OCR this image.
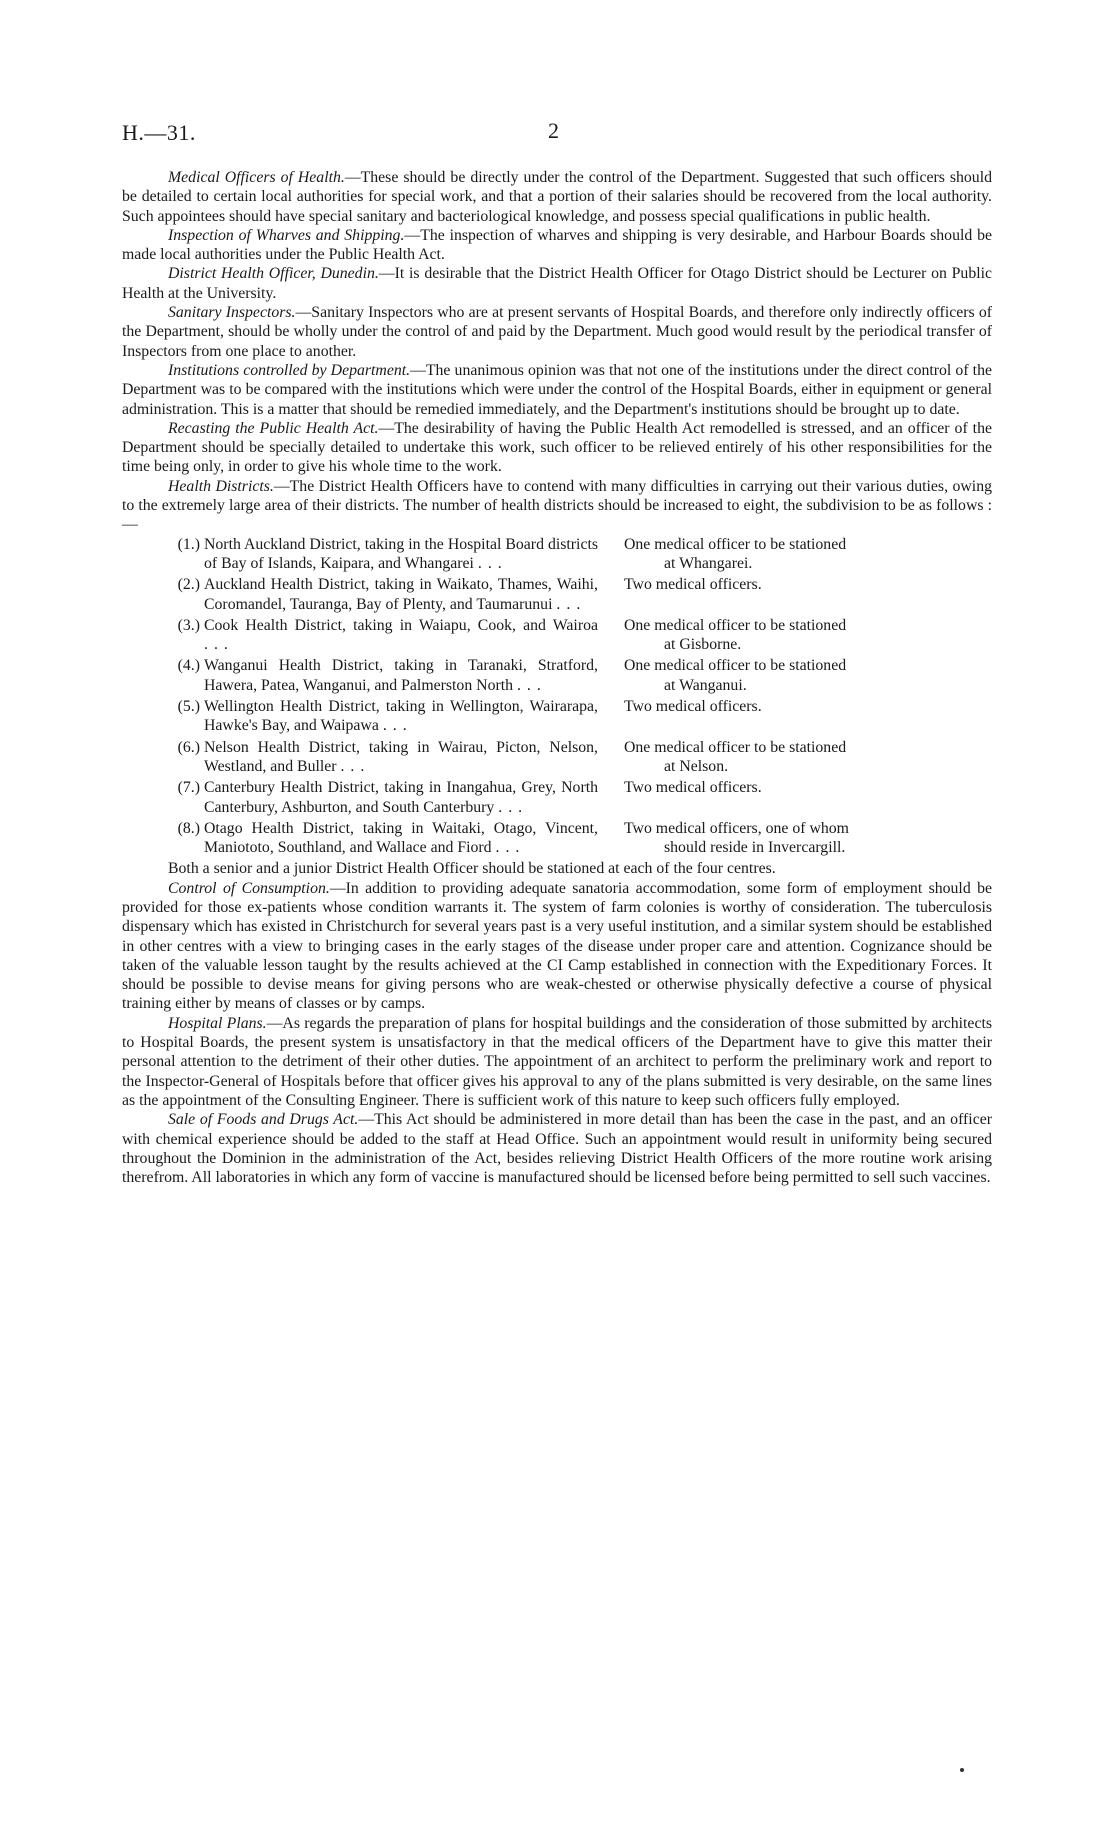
H.—31.	2

Medical Officers of Health.—These should be directly under the control of the Department. Suggested that such officers should be detailed to certain local authorities for special work, and that a portion of their salaries should be recovered from the local authority. Such appointees should have special sanitary and bacteriological knowledge, and possess special qualifications in public health.

Inspection of Wharves and Shipping.—The inspection of wharves and shipping is very desirable, and Harbour Boards should be made local authorities under the Public Health Act.

District Health Officer, Dunedin.—It is desirable that the District Health Officer for Otago District should be Lecturer on Public Health at the University.

Sanitary Inspectors.—Sanitary Inspectors who are at present servants of Hospital Boards, and therefore only indirectly officers of the Department, should be wholly under the control of and paid by the Department. Much good would result by the periodical transfer of Inspectors from one place to another.

Institutions controlled by Department.—The unanimous opinion was that not one of the institutions under the direct control of the Department was to be compared with the institutions which were under the control of the Hospital Boards, either in equipment or general administration. This is a matter that should be remedied immediately, and the Department's institutions should be brought up to date.

Recasting the Public Health Act.—The desirability of having the Public Health Act remodelled is stressed, and an officer of the Department should be specially detailed to undertake this work, such officer to be relieved entirely of his other responsibilities for the time being only, in order to give his whole time to the work.

Health Districts.—The District Health Officers have to contend with many difficulties in carrying out their various duties, owing to the extremely large area of their districts. The number of health districts should be increased to eight, the subdivision to be as follows :—

(1.) North Auckland District, taking in the Hospital Board districts of Bay of Islands, Kaipara, and Whangarei ...
One medical officer to be stationed
at Whangarei.
(2.) Auckland Health District, taking in Waikato, Thames, Waihi, Coromandel, Tauranga, Bay of Plenty, and Taumarunui ...
Two medical officers.
(3.) Cook Health District, taking in Waiapu, Cook, and Wairoa ...
One medical officer to be stationed
at Gisborne.
(4.) Wanganui Health District, taking in Taranaki, Stratford, Hawera, Patea, Wanganui, and Palmerston North ...
One medical officer to be stationed
at Wanganui.
(5.) Wellington Health District, taking in Wellington, Wairarapa, Hawke's Bay, and Waipawa ...
Two medical officers.
(6.) Nelson Health District, taking in Wairau, Picton, Nelson, Westland, and Buller ...
One medical officer to be stationed
at Nelson.
(7.) Canterbury Health District, taking in Inangahua, Grey, North Canterbury, Ashburton, and South Canterbury ...
Two medical officers.
(8.) Otago Health District, taking in Waitaki, Otago, Vincent, Maniototo, Southland, and Wallace and Fiord ...
Two medical officers, one of whom
should reside in Invercargill.

Both a senior and a junior District Health Officer should be stationed at each of the four centres.

Control of Consumption.—In addition to providing adequate sanatoria accommodation, some form of employment should be provided for those ex-patients whose condition warrants it. The system of farm colonies is worthy of consideration. The tuberculosis dispensary which has existed in Christchurch for several years past is a very useful institution, and a similar system should be established in other centres with a view to bringing cases in the early stages of the disease under proper care and attention. Cognizance should be taken of the valuable lesson taught by the results achieved at the CI Camp established in connection with the Expeditionary Forces. It should be possible to devise means for giving persons who are weak-chested or otherwise physically defective a course of physical training either by means of classes or by camps.

Hospital Plans.—As regards the preparation of plans for hospital buildings and the consideration of those submitted by architects to Hospital Boards, the present system is unsatisfactory in that the medical officers of the Department have to give this matter their personal attention to the detriment of their other duties. The appointment of an architect to perform the preliminary work and report to the Inspector-General of Hospitals before that officer gives his approval to any of the plans submitted is very desirable, on the same lines as the appointment of the Consulting Engineer. There is sufficient work of this nature to keep such officers fully employed.

Sale of Foods and Drugs Act.—This Act should be administered in more detail than has been the case in the past, and an officer with chemical experience should be added to the staff at Head Office. Such an appointment would result in uniformity being secured throughout the Dominion in the administration of the Act, besides relieving District Health Officers of the more routine work arising therefrom. All laboratories in which any form of vaccine is manufactured should be licensed before being permitted to sell such vaccines.
